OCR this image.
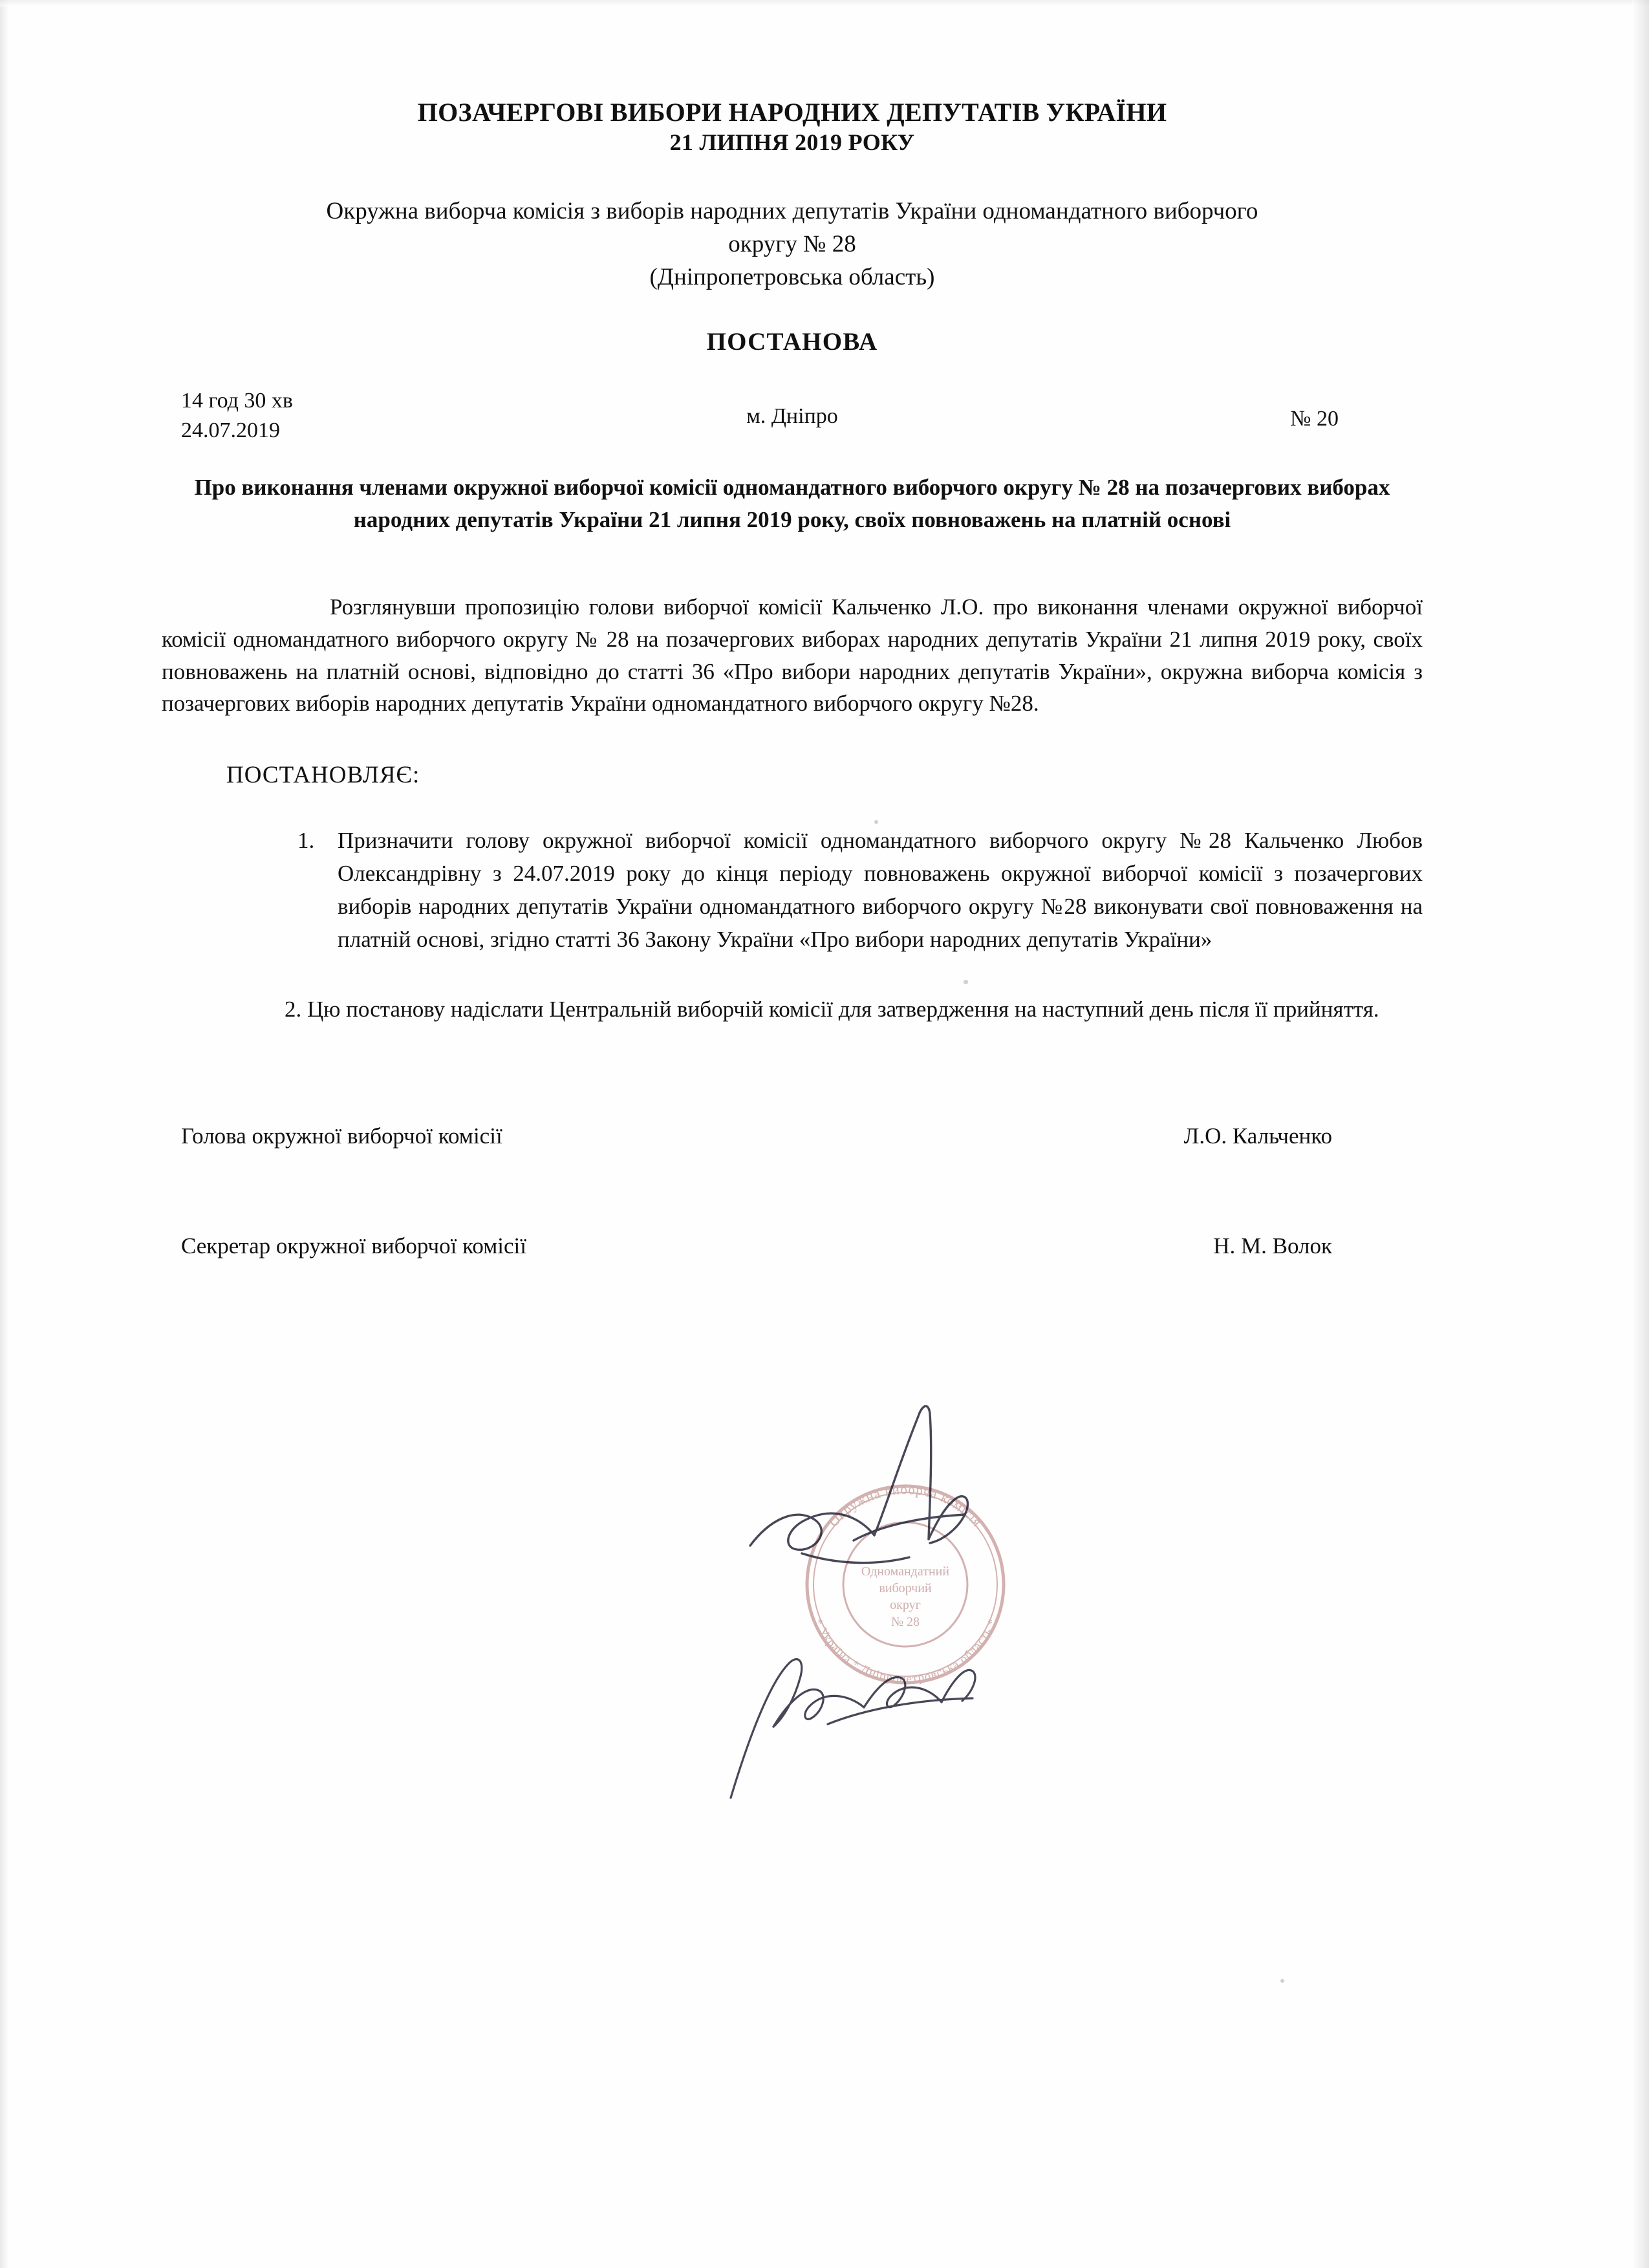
ПОЗАЧЕРГОВІ ВИБОРИ НАРОДНИХ ДЕПУТАТІВ УКРАЇНИ
21 ЛИПНЯ 2019 РОКУ
Окружна виборча комісія з виборів народних депутатів України одномандатного виборчого
округу № 28
(Дніпропетровська область)
ПОСТАНОВА
14 год 30 хв
24.07.2019
м. Дніпро	№ 20
Про виконання членами окружної виборчої комісії одномандатного виборчого округу № 28 на позачергових виборах народних депутатів України 21 липня 2019 року, своїх повноважень на платній основі
Розглянувши пропозицію голови виборчої комісії Кальченко Л.О. про виконання членами окружної виборчої комісії одномандатного виборчого округу № 28 на позачергових виборах народних депутатів України 21 липня 2019 року, своїх повноважень на платній основі, відповідно до статті 36 «Про вибори народних депутатів України», окружна виборча комісія з позачергових виборів народних депутатів України одномандатного виборчого округу №28.
ПОСТАНОВЛЯЄ:
1.	Призначити голову окружної виборчої комісії одномандатного виборчого округу №28 Кальченко Любов Олександрівну з 24.07.2019 року до кінця періоду повноважень окружної виборчої комісії з позачергових виборів народних депутатів України одномандатного виборчого округу №28 виконувати свої повноваження на платній основі, згідно статті 36 Закону України «Про вибори народних депутатів України»
2. Цю постанову надіслати Центральній виборчій комісії для затвердження на наступний день після її прийняття.
Голова окружної виборчої комісії	Л.О. Кальченко
Секретар окружної виборчої комісії	Н. М. Волок
Окружна виборча комісія
* Україна * Дніпропетровська область *
Одномандатний
виборчий
округ
№ 28
